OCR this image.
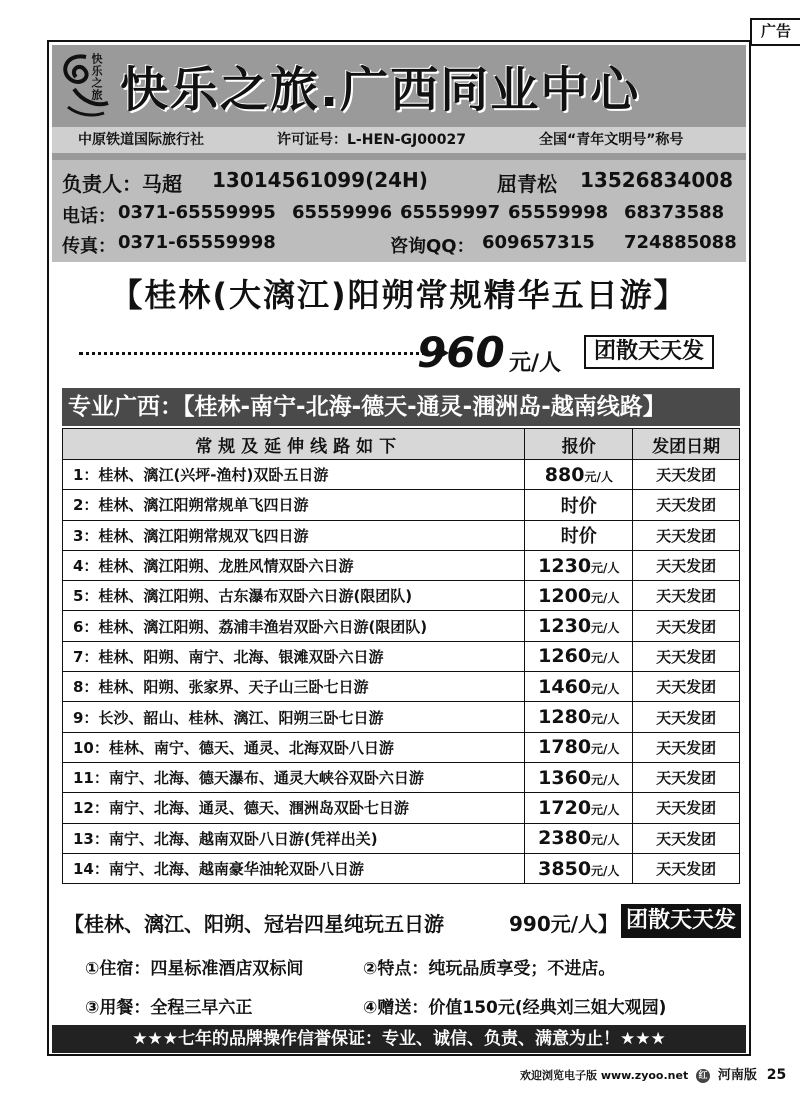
广告
快乐之旅 快乐之旅.广西同业中心
中原铁道国际旅行社	许可证号：L-HEN-GJ00027	全国“青年文明号”称号
负责人：马超 13014561099(24H)	屈青松 13526834008
电话： 0371-65559995 65559996 65559997 65559998 68373588
传真： 0371-65559998	咨询QQ： 609657315 724885088
【桂林(大漓江)阳朔常规精华五日游】
960 元/人	团散天天发
专业广西：【桂林-南宁-北海-德天-通灵-涠洲岛-越南线路】
常规及延伸线路如下	报价	发团日期
1：桂林、漓江(兴坪-渔村)双卧五日游	880元/人	天天发团
2：桂林、漓江阳朔常规单飞四日游	时价	天天发团
3：桂林、漓江阳朔常规双飞四日游	时价	天天发团
4：桂林、漓江阳朔、龙胜风情双卧六日游	1230元/人	天天发团
5：桂林、漓江阳朔、古东瀑布双卧六日游(限团队)	1200元/人	天天发团
6：桂林、漓江阳朔、荔浦丰渔岩双卧六日游(限团队)	1230元/人	天天发团
7：桂林、阳朔、南宁、北海、银滩双卧六日游	1260元/人	天天发团
8：桂林、阳朔、张家界、天子山三卧七日游	1460元/人	天天发团
9：长沙、韶山、桂林、漓江、阳朔三卧七日游	1280元/人	天天发团
10：桂林、南宁、德天、通灵、北海双卧八日游	1780元/人	天天发团
11：南宁、北海、德天瀑布、通灵大峡谷双卧六日游	1360元/人	天天发团
12：南宁、北海、通灵、德天、涠洲岛双卧七日游	1720元/人	天天发团
13：南宁、北海、越南双卧八日游(凭祥出关)	2380元/人	天天发团
14：南宁、北海、越南豪华油轮双卧八日游	3850元/人	天天发团
【桂林、漓江、阳朔、冠岩四星纯玩五日游	990元/人】 团散天天发
①住宿：四星标准酒店双标间	②特点：纯玩品质享受；不进店。
③用餐：全程三早六正	④赠送：价值150元(经典刘三姐大观园)
★★★七年的品牌操作信誉保证：专业、诚信、负责、满意为止！★★★
欢迎浏览电子版 www.zyoo.net 红 河南版 25
